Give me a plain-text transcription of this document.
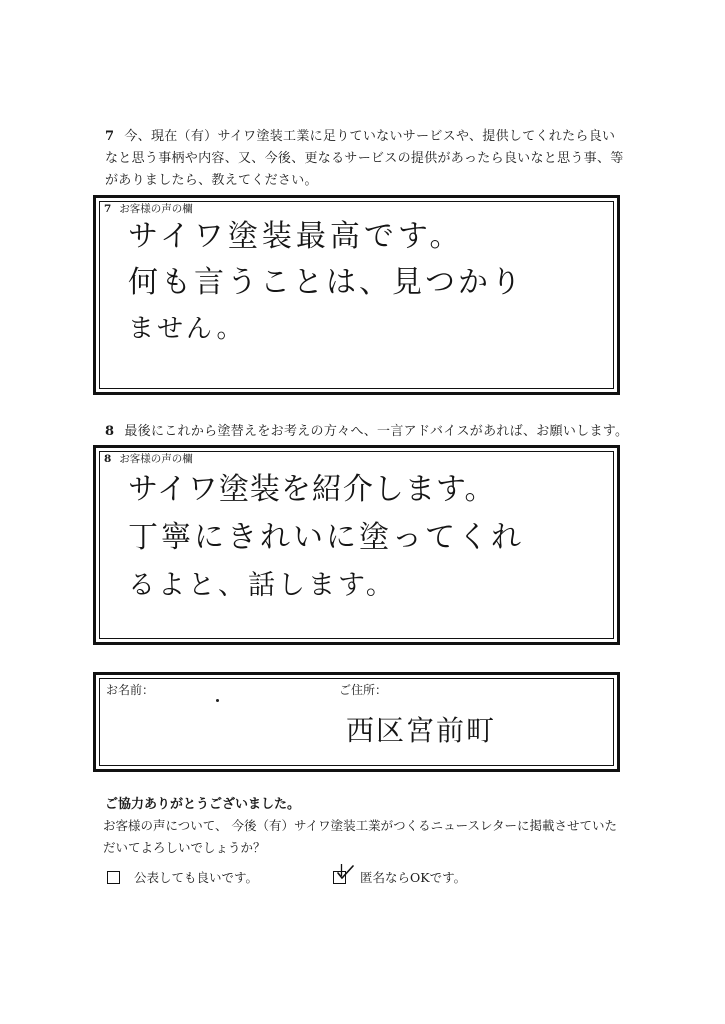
7 今、現在（有）サイワ塗装工業に足りていないサービスや、提供してくれたら良いなと思う事柄や内容、又、今後、更なるサービスの提供があったら良いなと思う事、等がありましたら、教えてください。
7 お客様の声の欄
サイワ塗装最高です。
何も言うことは、見つかり
ません。
8 最後にこれから塗替えをお考えの方々へ、一言アドバイスがあれば、お願いします。
8 お客様の声の欄
サイワ塗装を紹介します。
丁寧にきれいに塗ってくれ
るよと、話します。
お名前：	ご住所：
西区宮前町
ご協力ありがとうございました。
お客様の声について、 今後（有）サイワ塗装工業がつくるニュースレターに掲載させていただいてよろしいでしょうか？
公表しても良いです。	匿名ならOKです。
